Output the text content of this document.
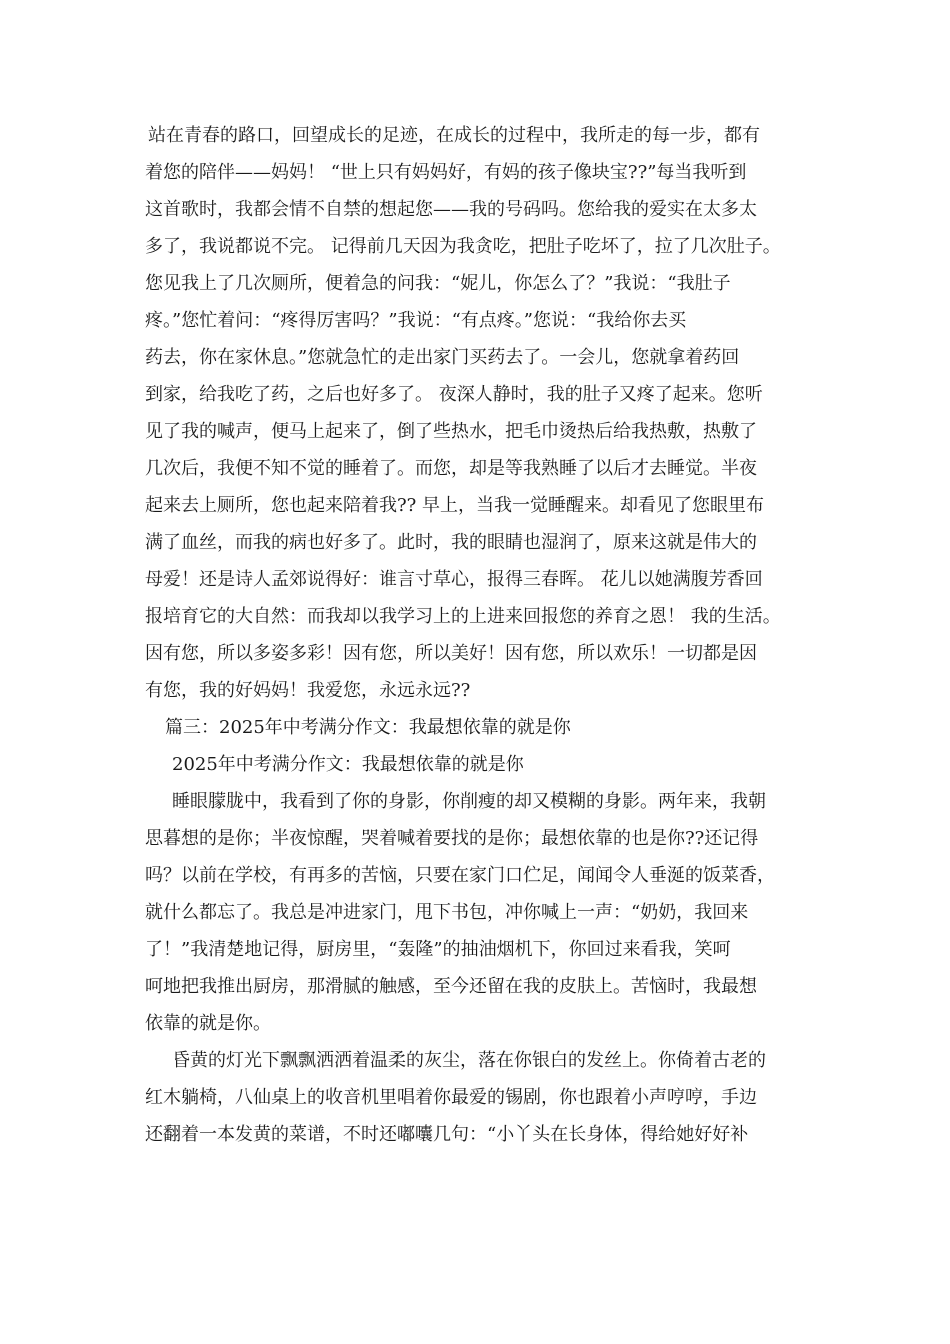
站在青春的路口，回望成长的足迹，在成长的过程中，我所走的每一步，都有
着您的陪伴——妈妈！ “世上只有妈妈好，有妈的孩子像块宝??”每当我听到
这首歌时，我都会情不自禁的想起您——我的号码吗。您给我的爱实在太多太
多了，我说都说不完。 记得前几天因为我贪吃，把肚子吃坏了，拉了几次肚子。
您见我上了几次厕所，便着急的问我：“妮儿，你怎么了？”我说：“我肚子
疼。”您忙着问：“疼得厉害吗？”我说：“有点疼。”您说：“我给你去买
药去，你在家休息。”您就急忙的走出家门买药去了。一会儿，您就拿着药回
到家，给我吃了药，之后也好多了。 夜深人静时，我的肚子又疼了起来。您听
见了我的喊声，便马上起来了，倒了些热水，把毛巾烫热后给我热敷，热敷了
几次后，我便不知不觉的睡着了。而您，却是等我熟睡了以后才去睡觉。半夜
起来去上厕所，您也起来陪着我?? 早上，当我一觉睡醒来。却看见了您眼里布
满了血丝，而我的病也好多了。此时，我的眼睛也湿润了，原来这就是伟大的
母爱！还是诗人孟郊说得好：谁言寸草心，报得三春晖。 花儿以她满腹芳香回
报培育它的大自然：而我却以我学习上的上进来回报您的养育之恩！ 我的生活。
因有您，所以多姿多彩！因有您，所以美好！因有您，所以欢乐！一切都是因
有您，我的好妈妈！我爱您，永远永远??
篇三：2025年中考满分作文：我最想依靠的就是你
2025年中考满分作文：我最想依靠的就是你
睡眼朦胧中，我看到了你的身影，你削瘦的却又模糊的身影。两年来，我朝
思暮想的是你；半夜惊醒，哭着喊着要找的是你；最想依靠的也是你??还记得
吗？以前在学校，有再多的苦恼，只要在家门口伫足，闻闻令人垂涎的饭菜香，
就什么都忘了。我总是冲进家门，甩下书包，冲你喊上一声：“奶奶，我回来
了！”我清楚地记得，厨房里，“轰隆”的抽油烟机下，你回过来看我，笑呵
呵地把我推出厨房，那滑腻的触感，至今还留在我的皮肤上。苦恼时，我最想
依靠的就是你。
昏黄的灯光下飘飘洒洒着温柔的灰尘，落在你银白的发丝上。你倚着古老的
红木躺椅，八仙桌上的收音机里唱着你最爱的锡剧，你也跟着小声哼哼，手边
还翻着一本发黄的菜谱，不时还嘟囔几句：“小丫头在长身体，得给她好好补
